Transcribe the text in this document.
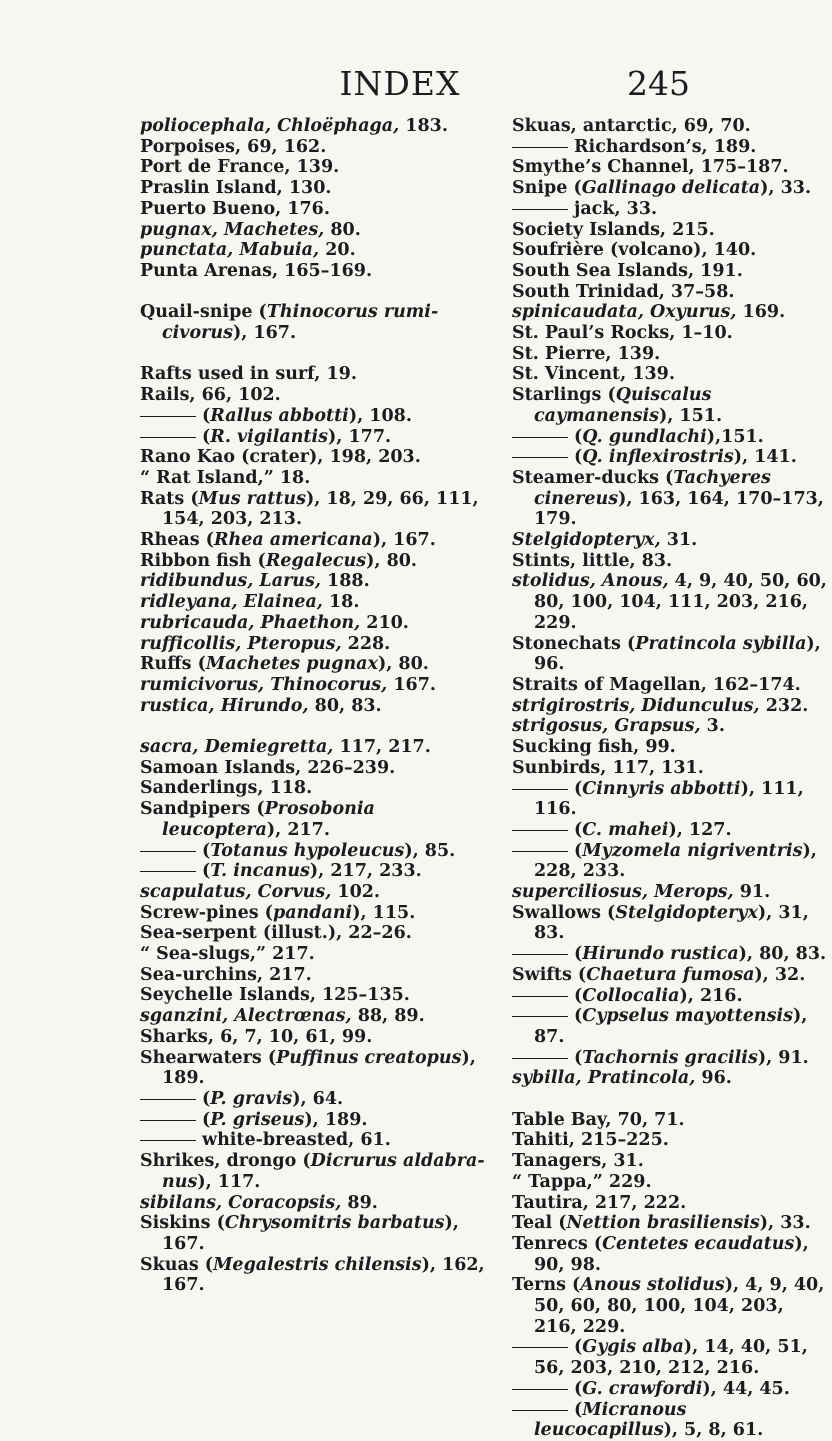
INDEX	245
poliocephala, Chloëphaga, 183.
Porpoises, 69, 162.
Port de France, 139.
Praslin Island, 130.
Puerto Bueno, 176.
pugnax, Machetes, 80.
punctata, Mabuia, 20.
Punta Arenas, 165–169.
Quail-snipe (Thinocorus rumi-civorus), 167.
Rafts used in surf, 19.
Rails, 66, 102.
(Rallus abbotti), 108.
(R. vigilantis), 177.
Rano Kao (crater), 198, 203.
“ Rat Island,” 18.
Rats (Mus rattus), 18, 29, 66, 111, 154, 203, 213.
Rheas (Rhea americana), 167.
Ribbon fish (Regalecus), 80.
ridibundus, Larus, 188.
ridleyana, Elainea, 18.
rubricauda, Phaethon, 210.
rufficollis, Pteropus, 228.
Ruffs (Machetes pugnax), 80.
rumicivorus, Thinocorus, 167.
rustica, Hirundo, 80, 83.
sacra, Demiegretta, 117, 217.
Samoan Islands, 226–239.
Sanderlings, 118.
Sandpipers (Prosobonia leucoptera), 217.
(Totanus hypoleucus), 85.
(T. incanus), 217, 233.
scapulatus, Corvus, 102.
Screw-pines (pandani), 115.
Sea-serpent (illust.), 22–26.
“ Sea-slugs,” 217.
Sea-urchins, 217.
Seychelle Islands, 125–135.
sganzini, Alectrœnas, 88, 89.
Sharks, 6, 7, 10, 61, 99.
Shearwaters (Puffinus creatopus), 189.
(P. gravis), 64.
(P. griseus), 189.
white-breasted, 61.
Shrikes, drongo (Dicrurus aldabra-nus), 117.
sibilans, Coracopsis, 89.
Siskins (Chrysomitris barbatus), 167.
Skuas (Megalestris chilensis), 162, 167.
Skuas, antarctic, 69, 70.
Richardson’s, 189.
Smythe’s Channel, 175–187.
Snipe (Gallinago delicata), 33.
jack, 33.
Society Islands, 215.
Soufrière (volcano), 140.
South Sea Islands, 191.
South Trinidad, 37–58.
spinicaudata, Oxyurus, 169.
St. Paul’s Rocks, 1–10.
St. Pierre, 139.
St. Vincent, 139.
Starlings (Quiscalus caymanensis), 151.
(Q. gundlachi),151.
(Q. inflexirostris), 141.
Steamer-ducks (Tachyeres cinereus), 163, 164, 170–173, 179.
Stelgidopteryx, 31.
Stints, little, 83.
stolidus, Anous, 4, 9, 40, 50, 60, 80, 100, 104, 111, 203, 216, 229.
Stonechats (Pratincola sybilla), 96.
Straits of Magellan, 162–174.
strigirostris, Didunculus, 232.
strigosus, Grapsus, 3.
Sucking fish, 99.
Sunbirds, 117, 131.
(Cinnyris abbotti), 111, 116.
(C. mahei), 127.
(Myzomela nigriventris), 228, 233.
superciliosus, Merops, 91.
Swallows (Stelgidopteryx), 31, 83.
(Hirundo rustica), 80, 83.
Swifts (Chaetura fumosa), 32.
(Collocalia), 216.
(Cypselus mayottensis), 87.
(Tachornis gracilis), 91.
sybilla, Pratincola, 96.
Table Bay, 70, 71.
Tahiti, 215–225.
Tanagers, 31.
“ Tappa,” 229.
Tautira, 217, 222.
Teal (Nettion brasiliensis), 33.
Tenrecs (Centetes ecaudatus), 90, 98.
Terns (Anous stolidus), 4, 9, 40, 50, 60, 80, 100, 104, 203, 216, 229.
(Gygis alba), 14, 40, 51, 56, 203, 210, 212, 216.
(G. crawfordi), 44, 45.
(Micranous leucocapillus), 5, 8, 61.
